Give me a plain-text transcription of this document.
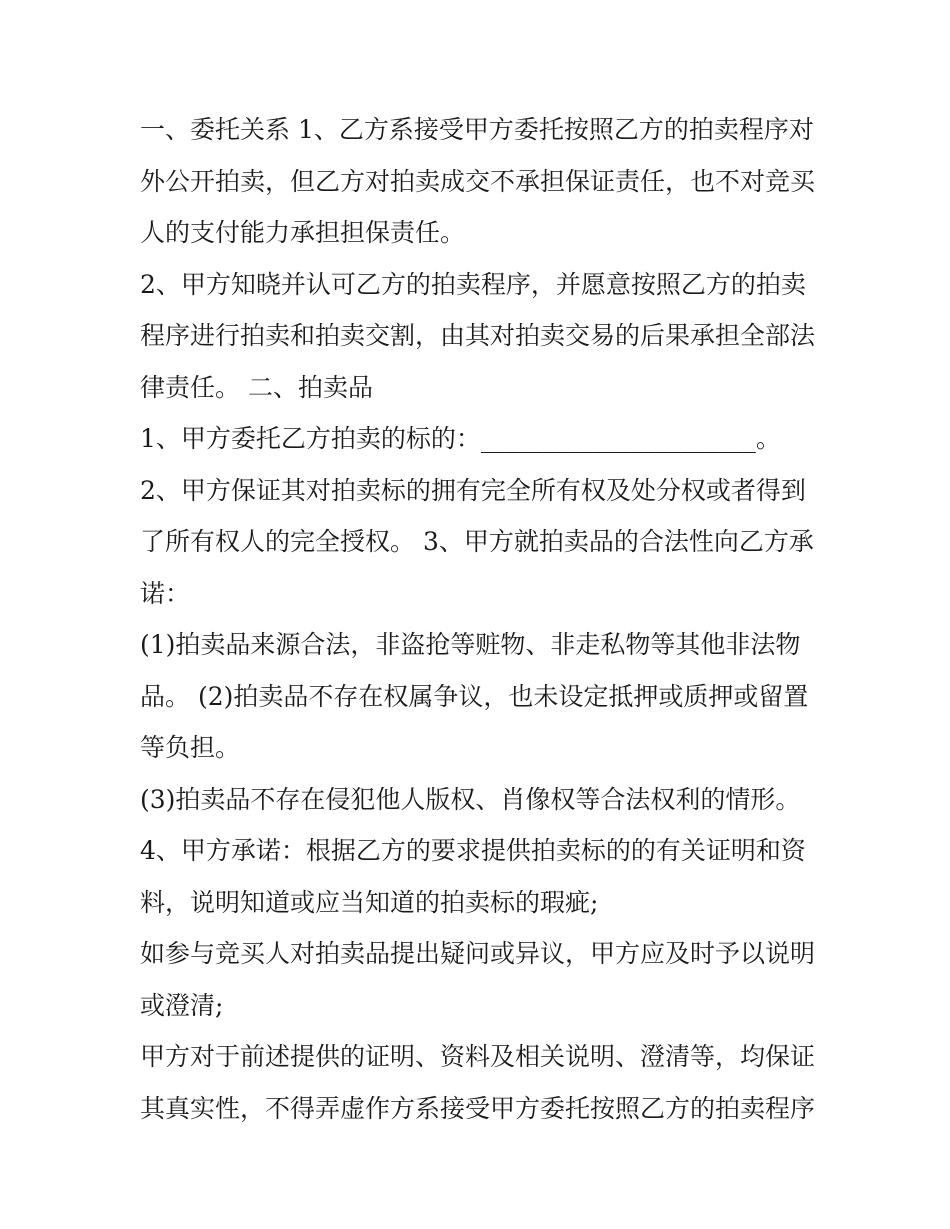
一、委托关系 1、乙方系接受甲方委托按照乙方的拍卖程序对
外公开拍卖，但乙方对拍卖成交不承担保证责任，也不对竞买
人的支付能力承担担保责任。
2、甲方知晓并认可乙方的拍卖程序，并愿意按照乙方的拍卖
程序进行拍卖和拍卖交割，由其对拍卖交易的后果承担全部法
律责任。 二、拍卖品
1、甲方委托乙方拍卖的标的：______________________。
2、甲方保证其对拍卖标的拥有完全所有权及处分权或者得到
了所有权人的完全授权。 3、甲方就拍卖品的合法性向乙方承
诺：
(1)拍卖品来源合法，非盗抢等赃物、非走私物等其他非法物
品。 (2)拍卖品不存在权属争议，也未设定抵押或质押或留置
等负担。
(3)拍卖品不存在侵犯他人版权、肖像权等合法权利的情形。
4、甲方承诺：根据乙方的要求提供拍卖标的的有关证明和资
料，说明知道或应当知道的拍卖标的瑕疵;
如参与竞买人对拍卖品提出疑问或异议，甲方应及时予以说明
或澄清;
甲方对于前述提供的证明、资料及相关说明、澄清等，均保证
其真实性，不得弄虚作方系接受甲方委托按照乙方的拍卖程序
